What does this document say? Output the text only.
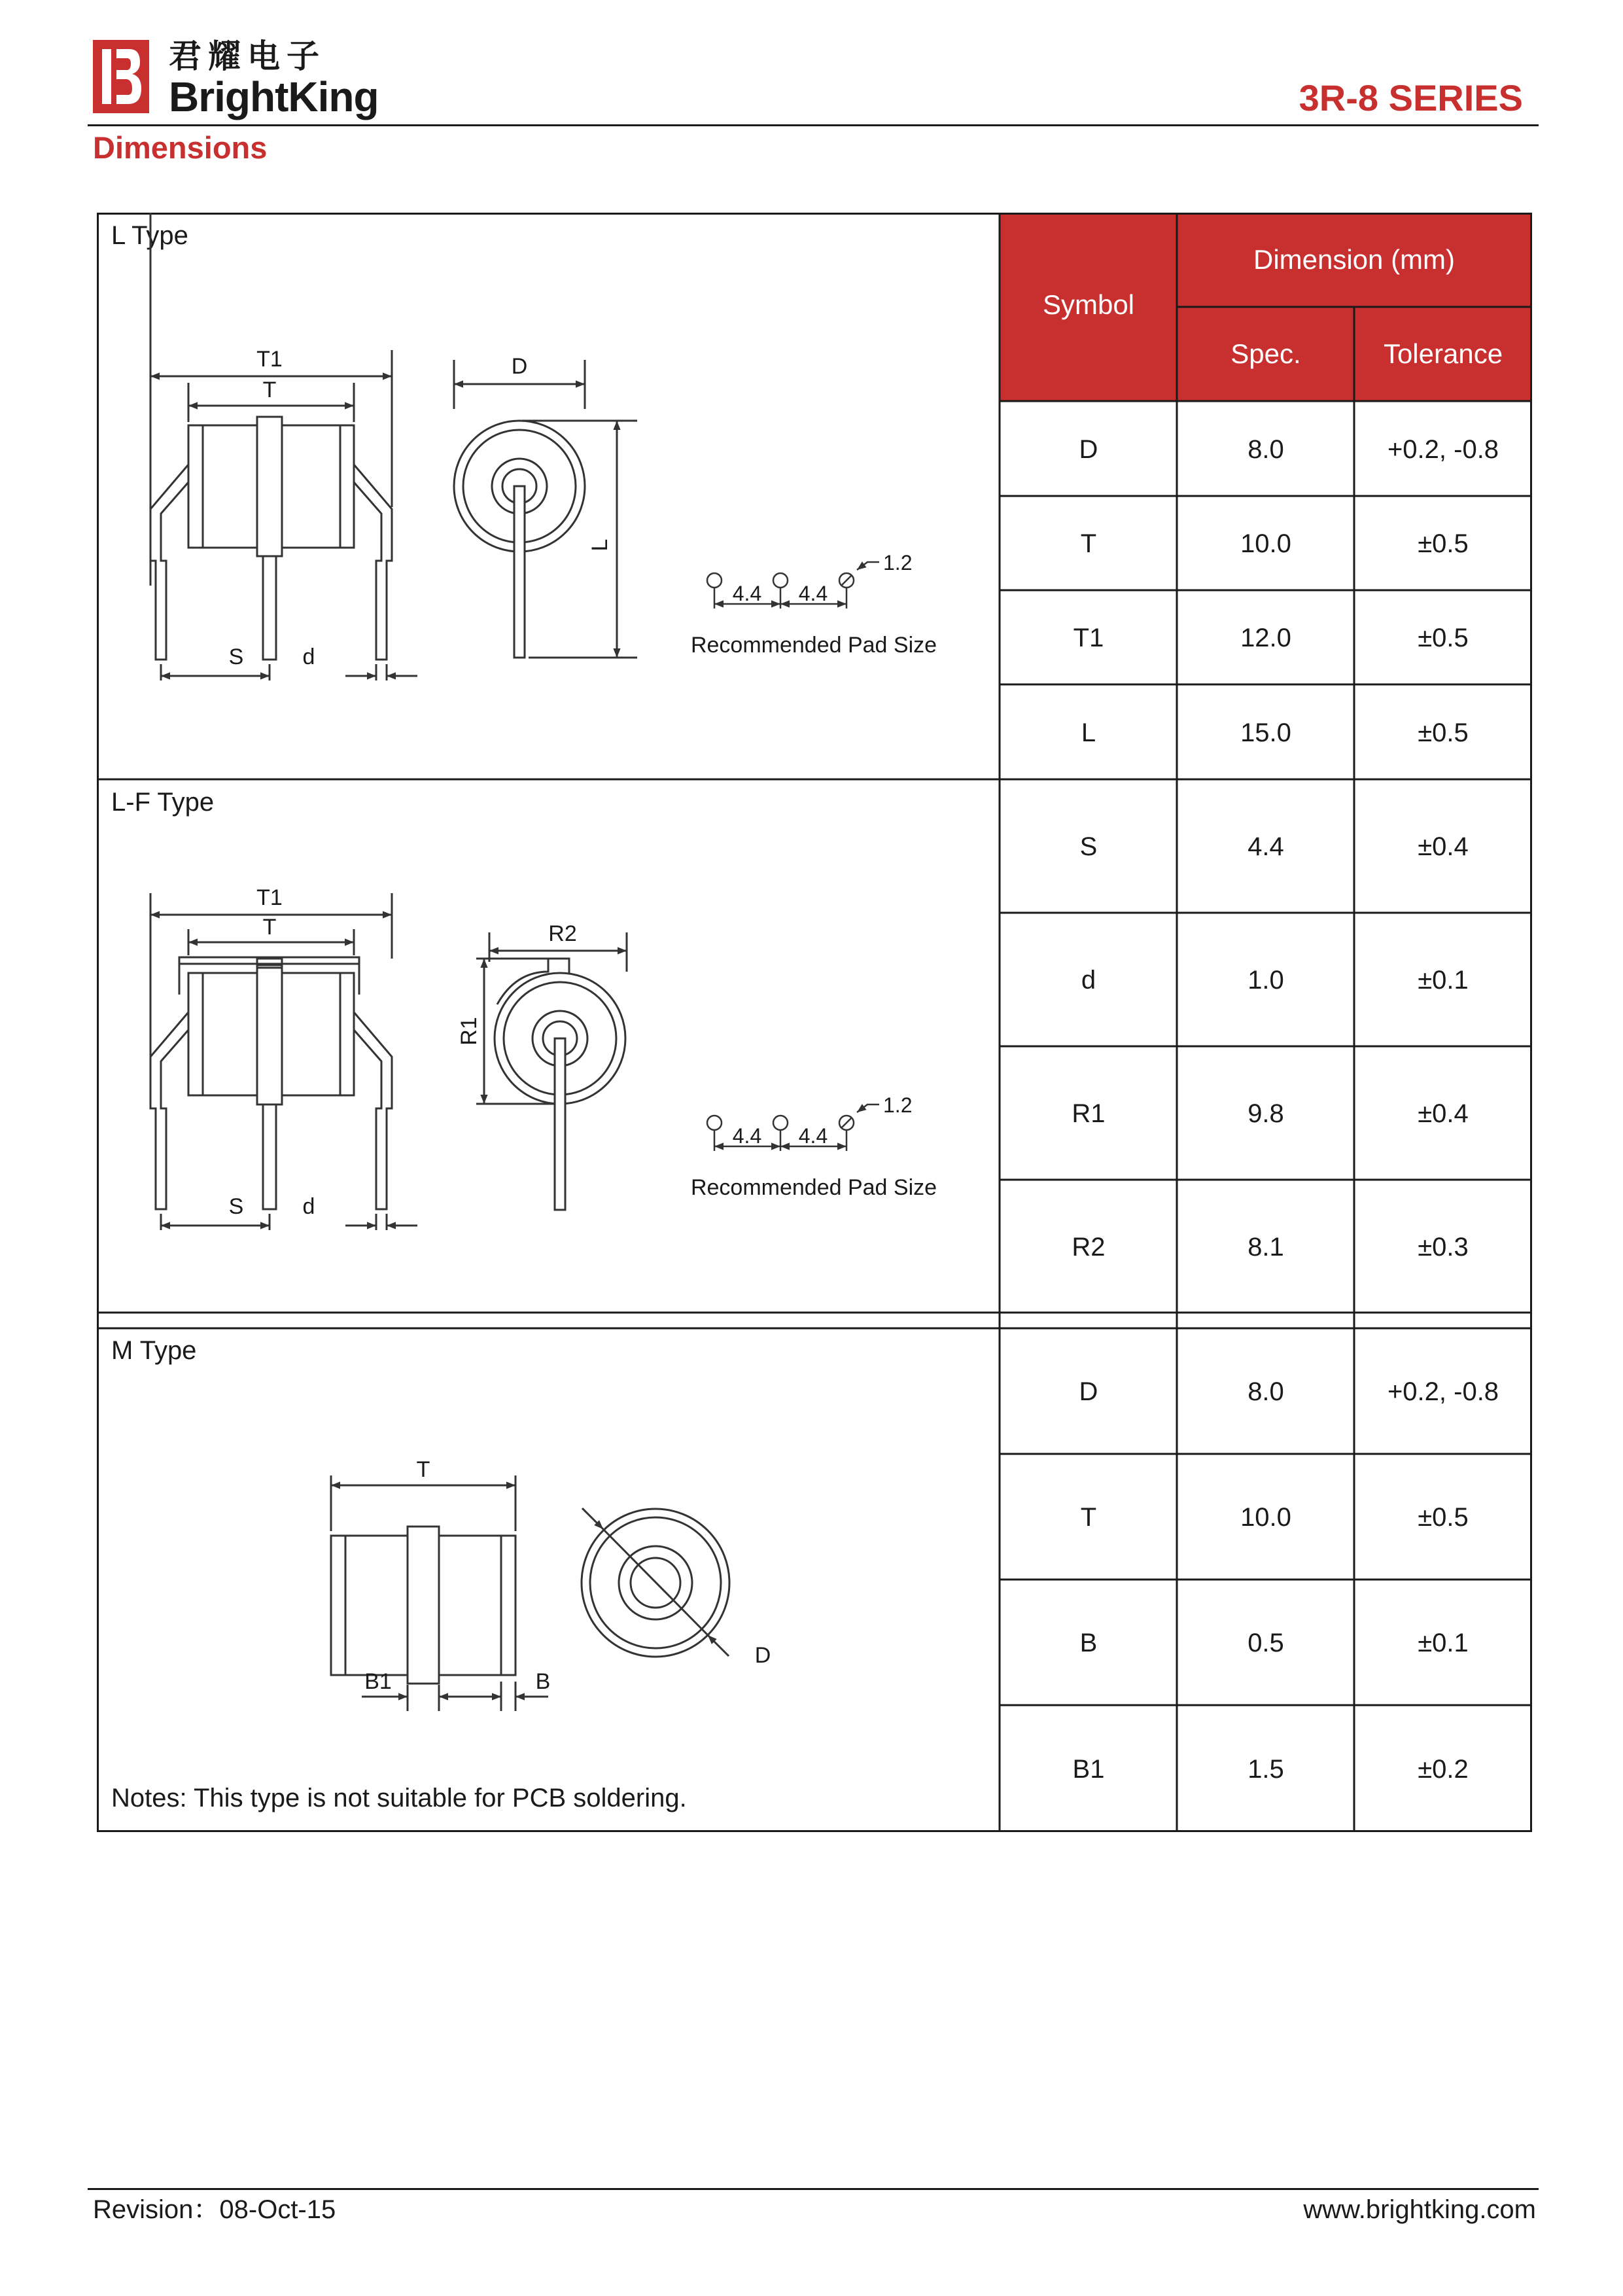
君耀电子
BrightKing	3R-8 SERIES
Dimensions
Symbol
Dimension (mm)
Spec.	Tolerance
L Type
L-F Type
M Type
Notes: This type is not suitable for PCB soldering.
T1
T
S	d
D
L
4.4 4.4
1.2
Recommended Pad Size
T1
T
S	d
R2
R1
4.4 4.4
1.2
Recommended Pad Size
T
B1	B
D
D	8.0	+0.2, -0.8
T	10.0	±0.5
T1	12.0	±0.5
L	15.0	±0.5
S	4.4	±0.4
d	1.0	±0.1
R1	9.8	±0.4
R2	8.1	±0.3
D	8.0	+0.2, -0.8
T	10.0	±0.5
B	0.5	±0.1
B1	1.5	±0.2
Revision：08-Oct-15	www.brightking.com
